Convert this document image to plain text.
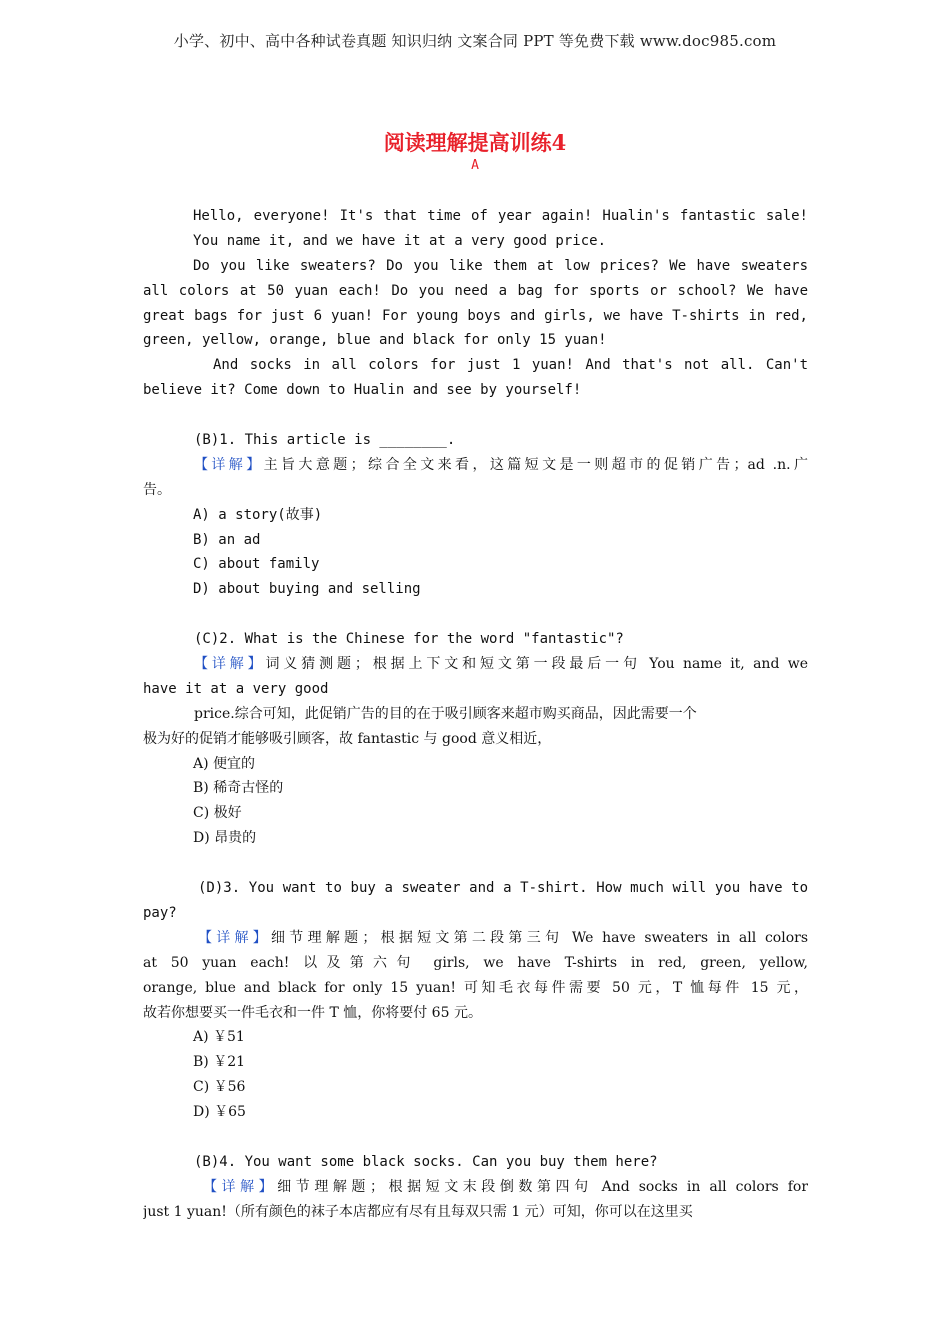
小学、初中、高中各种试卷真题 知识归纳 文案合同 PPT 等免费下载 www.doc985.com
阅读理解提高训练4
A
Hello, everyone! It's that time of year again! Hualin's fantastic sale!
You name it, and we have it at a very good price.
Do you like sweaters? Do you like them at low prices? We have sweaters
all colors at 50 yuan each! Do you need a bag for sports or school? We have
great bags for just 6 yuan! For young boys and girls, we have T-shirts in red,
green, yellow, orange, blue and black for only 15 yuan!
And socks in all colors for just 1 yuan! And that's not all. Can't
believe it? Come down to Hualin and see by yourself!
(B)1. This article is ________.
【详解】主旨大意题；综合全文来看，这篇短文是一则超市的促销广告；ad .n.广
告。
A) a story(故事)
B) an ad
C) about family
D) about buying and selling
(C)2. What is the Chinese for the word "fantastic"?
【详解】词义猜测题；根据上下文和短文第一段最后一句 You name it, and we
have it at a very good
price.综合可知，此促销广告的目的在于吸引顾客来超市购买商品，因此需要一个
极为好的促销才能够吸引顾客，故 fantastic 与 good 意义相近，
A) 便宜的
B) 稀奇古怪的
C) 极好
D) 昂贵的
(D)3. You want to buy a sweater and a T-shirt. How much will you have to
pay?
【详解】细节理解题；根据短文第二段第三句 We have sweaters in all colors
at 50 yuan each! 以及第六句 girls, we have T-shirts in red, green, yellow,
orange, blue and black for only 15 yuan! 可知毛衣每件需要 50 元，T 恤每件 15 元，
故若你想要买一件毛衣和一件 T 恤，你将要付 65 元。
A) ￥51
B) ￥21
C) ￥56
D) ￥65
(B)4. You want some black socks. Can you buy them here?
【详解】细节理解题；根据短文末段倒数第四句 And socks in all colors for
just 1 yuan!（所有颜色的袜子本店都应有尽有且每双只需 1 元）可知，你可以在这里买
